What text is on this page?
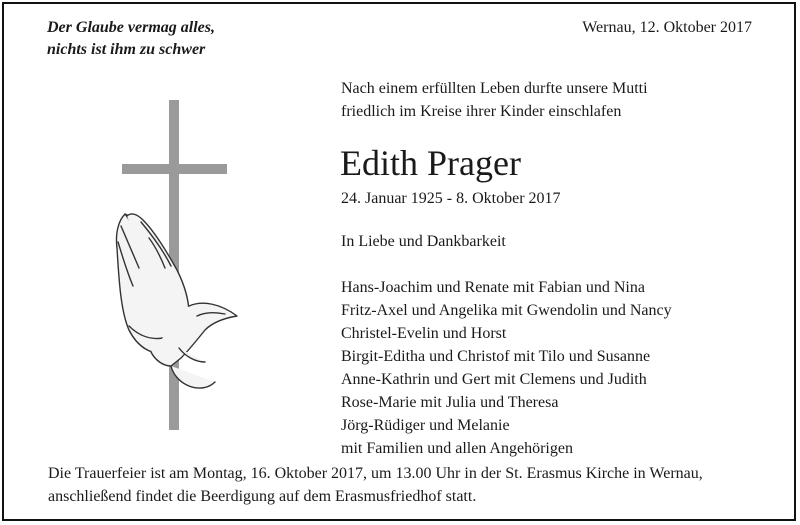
Der Glaube vermag alles,
nichts ist ihm zu schwer
Wernau, 12. Oktober 2017
Nach einem erfüllten Leben durfte unsere Mutti
friedlich im Kreise ihrer Kinder einschlafen
Edith Prager
24. Januar 1925 - 8. Oktober 2017
In Liebe und Dankbarkeit
Hans-Joachim und Renate mit Fabian und Nina
Fritz-Axel und Angelika mit Gwendolin und Nancy
Christel-Evelin und Horst
Birgit-Editha und Christof mit Tilo und Susanne
Anne-Kathrin und Gert mit Clemens und Judith
Rose-Marie mit Julia und Theresa
Jörg-Rüdiger und Melanie
mit Familien und allen Angehörigen
Die Trauerfeier ist am Montag, 16. Oktober 2017, um 13.00 Uhr in der St. Erasmus Kirche in Wernau,
anschließend findet die Beerdigung auf dem Erasmusfriedhof statt.
